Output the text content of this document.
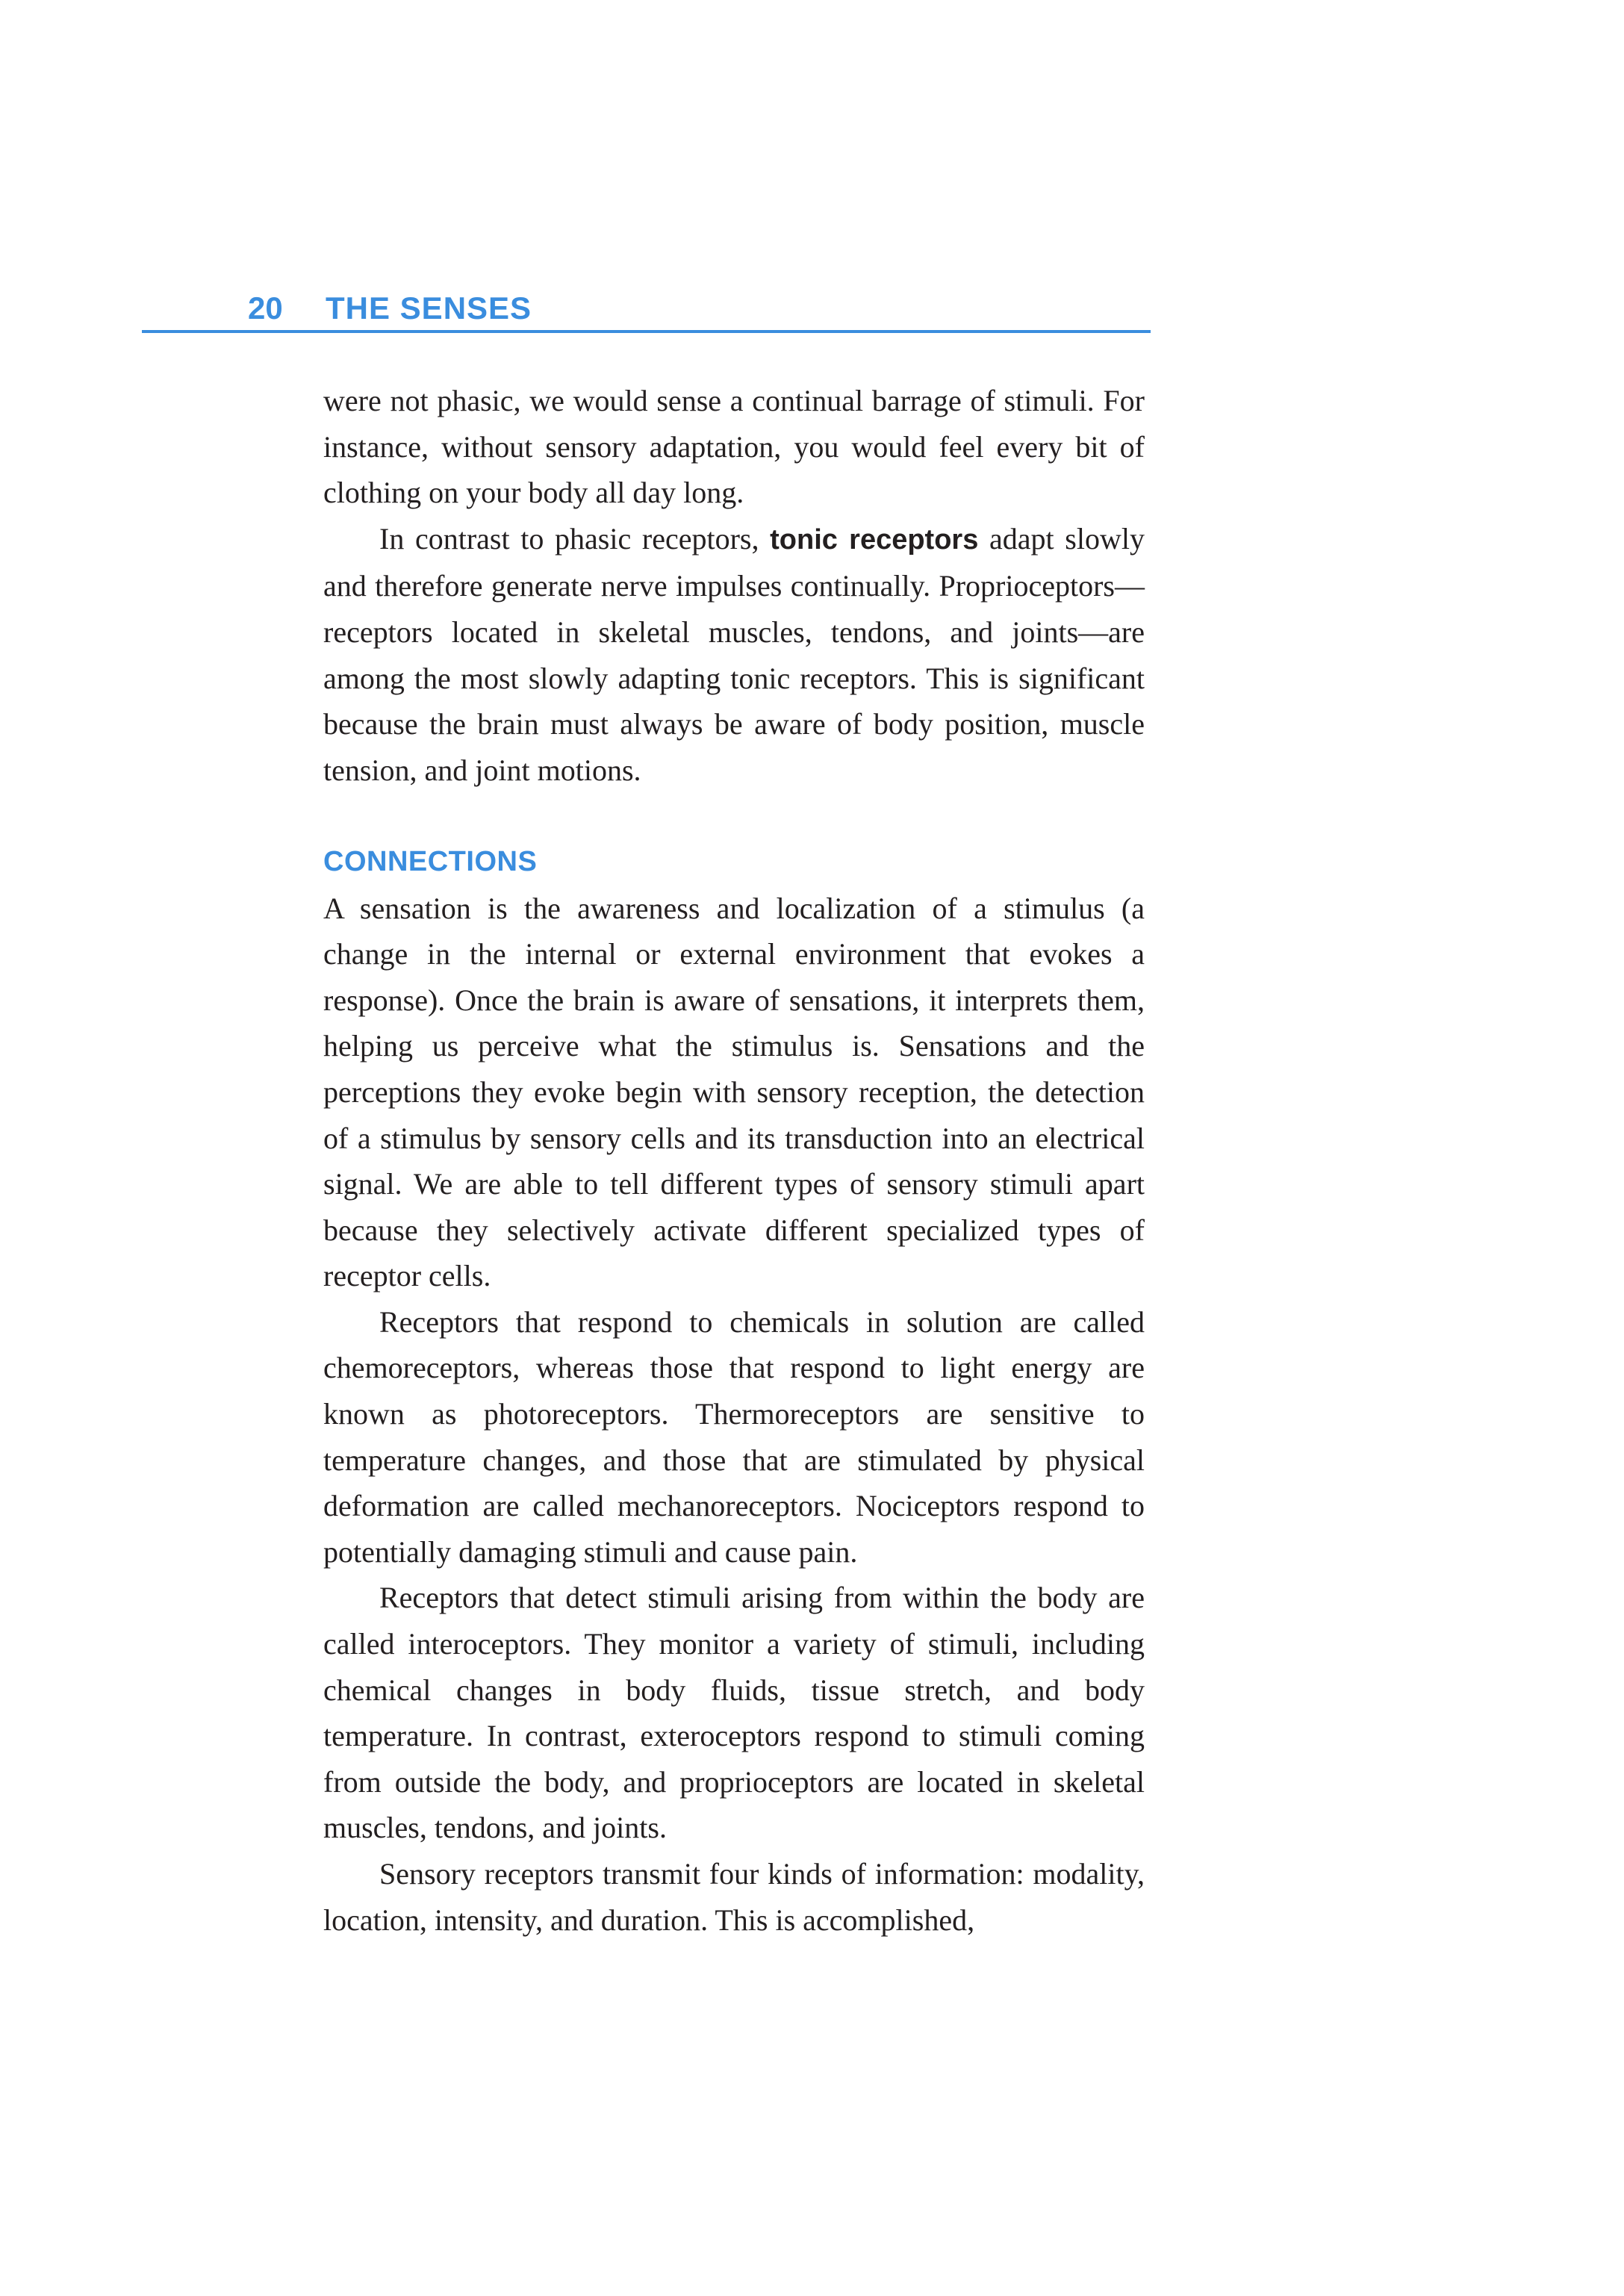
20 THE SENSES

were not phasic, we would sense a continual barrage of stimuli. For instance, without sensory adaptation, you would feel every bit of clothing on your body all day long.

In contrast to phasic receptors, tonic receptors adapt slowly and therefore generate nerve impulses continually. Proprioceptors—receptors located in skeletal muscles, tendons, and joints—are among the most slowly adapting tonic receptors. This is significant because the brain must always be aware of body position, muscle tension, and joint motions.

CONNECTIONS

A sensation is the awareness and localization of a stimulus (a change in the internal or external environment that evokes a response). Once the brain is aware of sensations, it interprets them, helping us perceive what the stimulus is. Sensations and the perceptions they evoke begin with sensory reception, the detection of a stimulus by sensory cells and its transduction into an electrical signal. We are able to tell different types of sensory stimuli apart because they selectively activate different specialized types of receptor cells.

Receptors that respond to chemicals in solution are called chemoreceptors, whereas those that respond to light energy are known as photoreceptors. Thermoreceptors are sensitive to temperature changes, and those that are stimulated by physical deformation are called mechanoreceptors. Nociceptors respond to potentially damaging stimuli and cause pain.

Receptors that detect stimuli arising from within the body are called interoceptors. They monitor a variety of stimuli, including chemical changes in body fluids, tissue stretch, and body temperature. In contrast, exteroceptors respond to stimuli coming from outside the body, and proprioceptors are located in skeletal muscles, tendons, and joints.

Sensory receptors transmit four kinds of information: modality, location, intensity, and duration. This is accomplished,
